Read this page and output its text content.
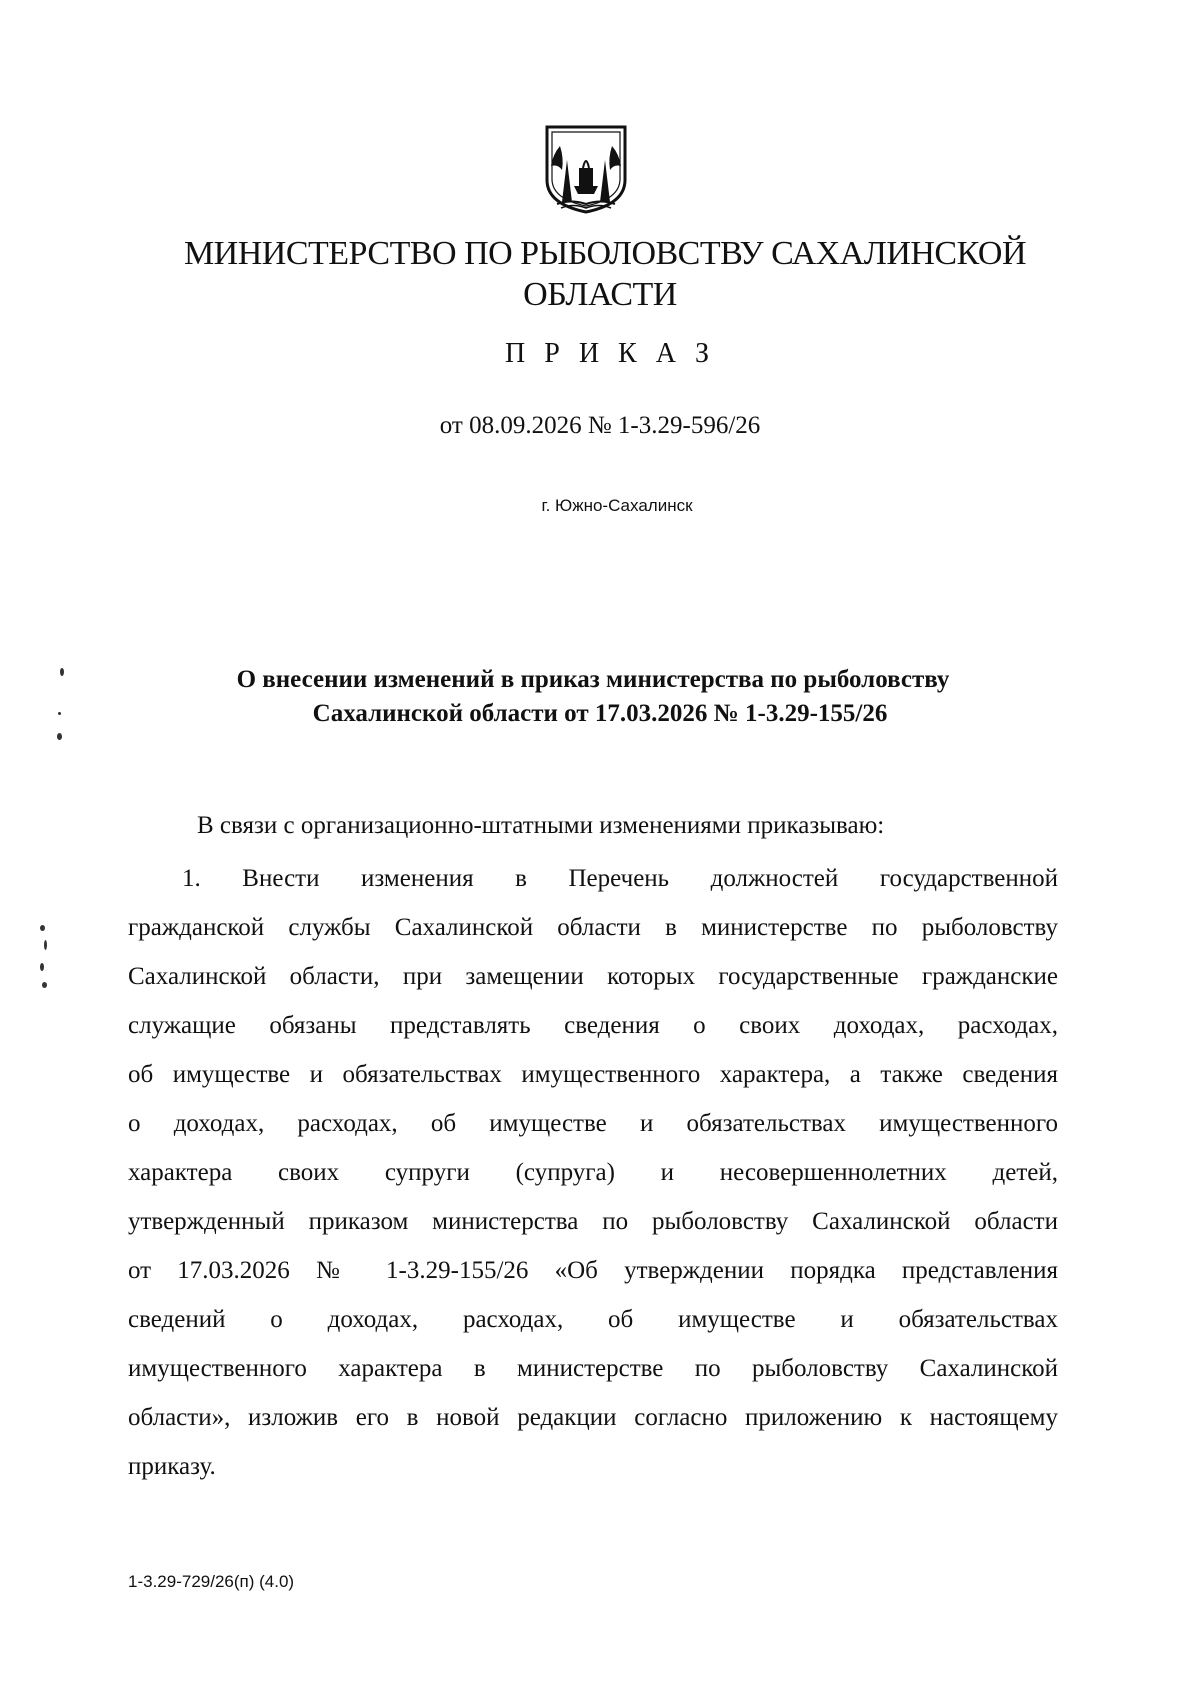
МИНИСТЕРСТВО ПО РЫБОЛОВСТВУ САХАЛИНСКОЙ
ОБЛАСТИ
П Р И К А З
от 08.09.2026 № 1-3.29-596/26
г. Южно-Сахалинск
О внесении изменений в приказ министерства по рыболовству
Сахалинской области от 17.03.2026 № 1-3.29-155/26
В связи с организационно-штатными изменениями приказываю:
1. Внести изменения в Перечень должностей государственной
гражданской службы Сахалинской области в министерстве по рыболовству
Сахалинской области, при замещении которых государственные гражданские
служащие обязаны представлять сведения о своих доходах, расходах,
об имуществе и обязательствах имущественного характера, а также сведения
о доходах, расходах, об имуществе и обязательствах имущественного
характера своих супруги (супруга) и несовершеннолетних детей,
утвержденный приказом министерства по рыболовству Сахалинской области
от 17.03.2026 № 1-3.29-155/26 «Об утверждении порядка представления
сведений о доходах, расходах, об имуществе и обязательствах
имущественного характера в министерстве по рыболовству Сахалинской
области», изложив его в новой редакции согласно приложению к настоящему
приказу.
1-3.29-729/26(п) (4.0)
